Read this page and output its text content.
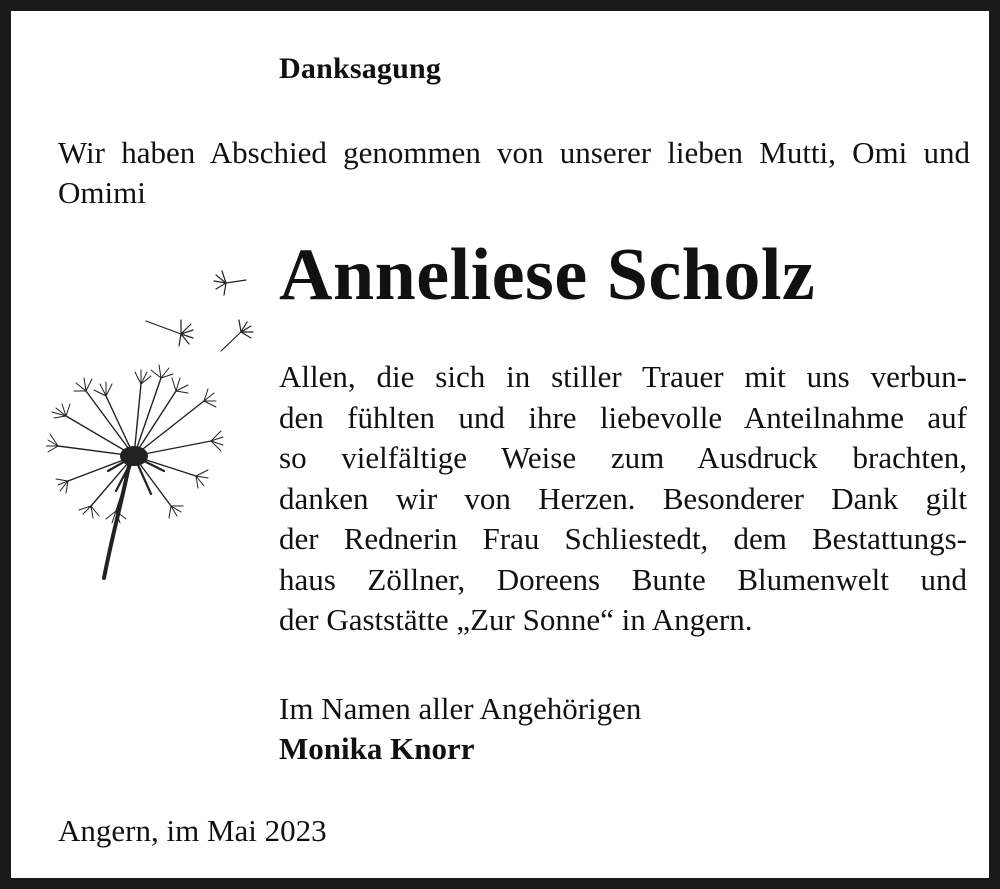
Danksagung
Wir haben Abschied genommen von unserer lieben Mutti, Omi und Omimi
Anneliese Scholz
Allen, die sich in stiller Trauer mit uns verbun-
den fühlten und ihre liebevolle Anteilnahme auf
so vielfältige Weise zum Ausdruck brachten,
danken wir von Herzen. Besonderer Dank gilt
der Rednerin Frau Schliestedt, dem Bestattungs-
haus Zöllner, Doreens Bunte Blumenwelt und
der Gaststätte „Zur Sonne“ in Angern.
Im Namen aller Angehörigen
Monika Knorr
Angern, im Mai 2023
